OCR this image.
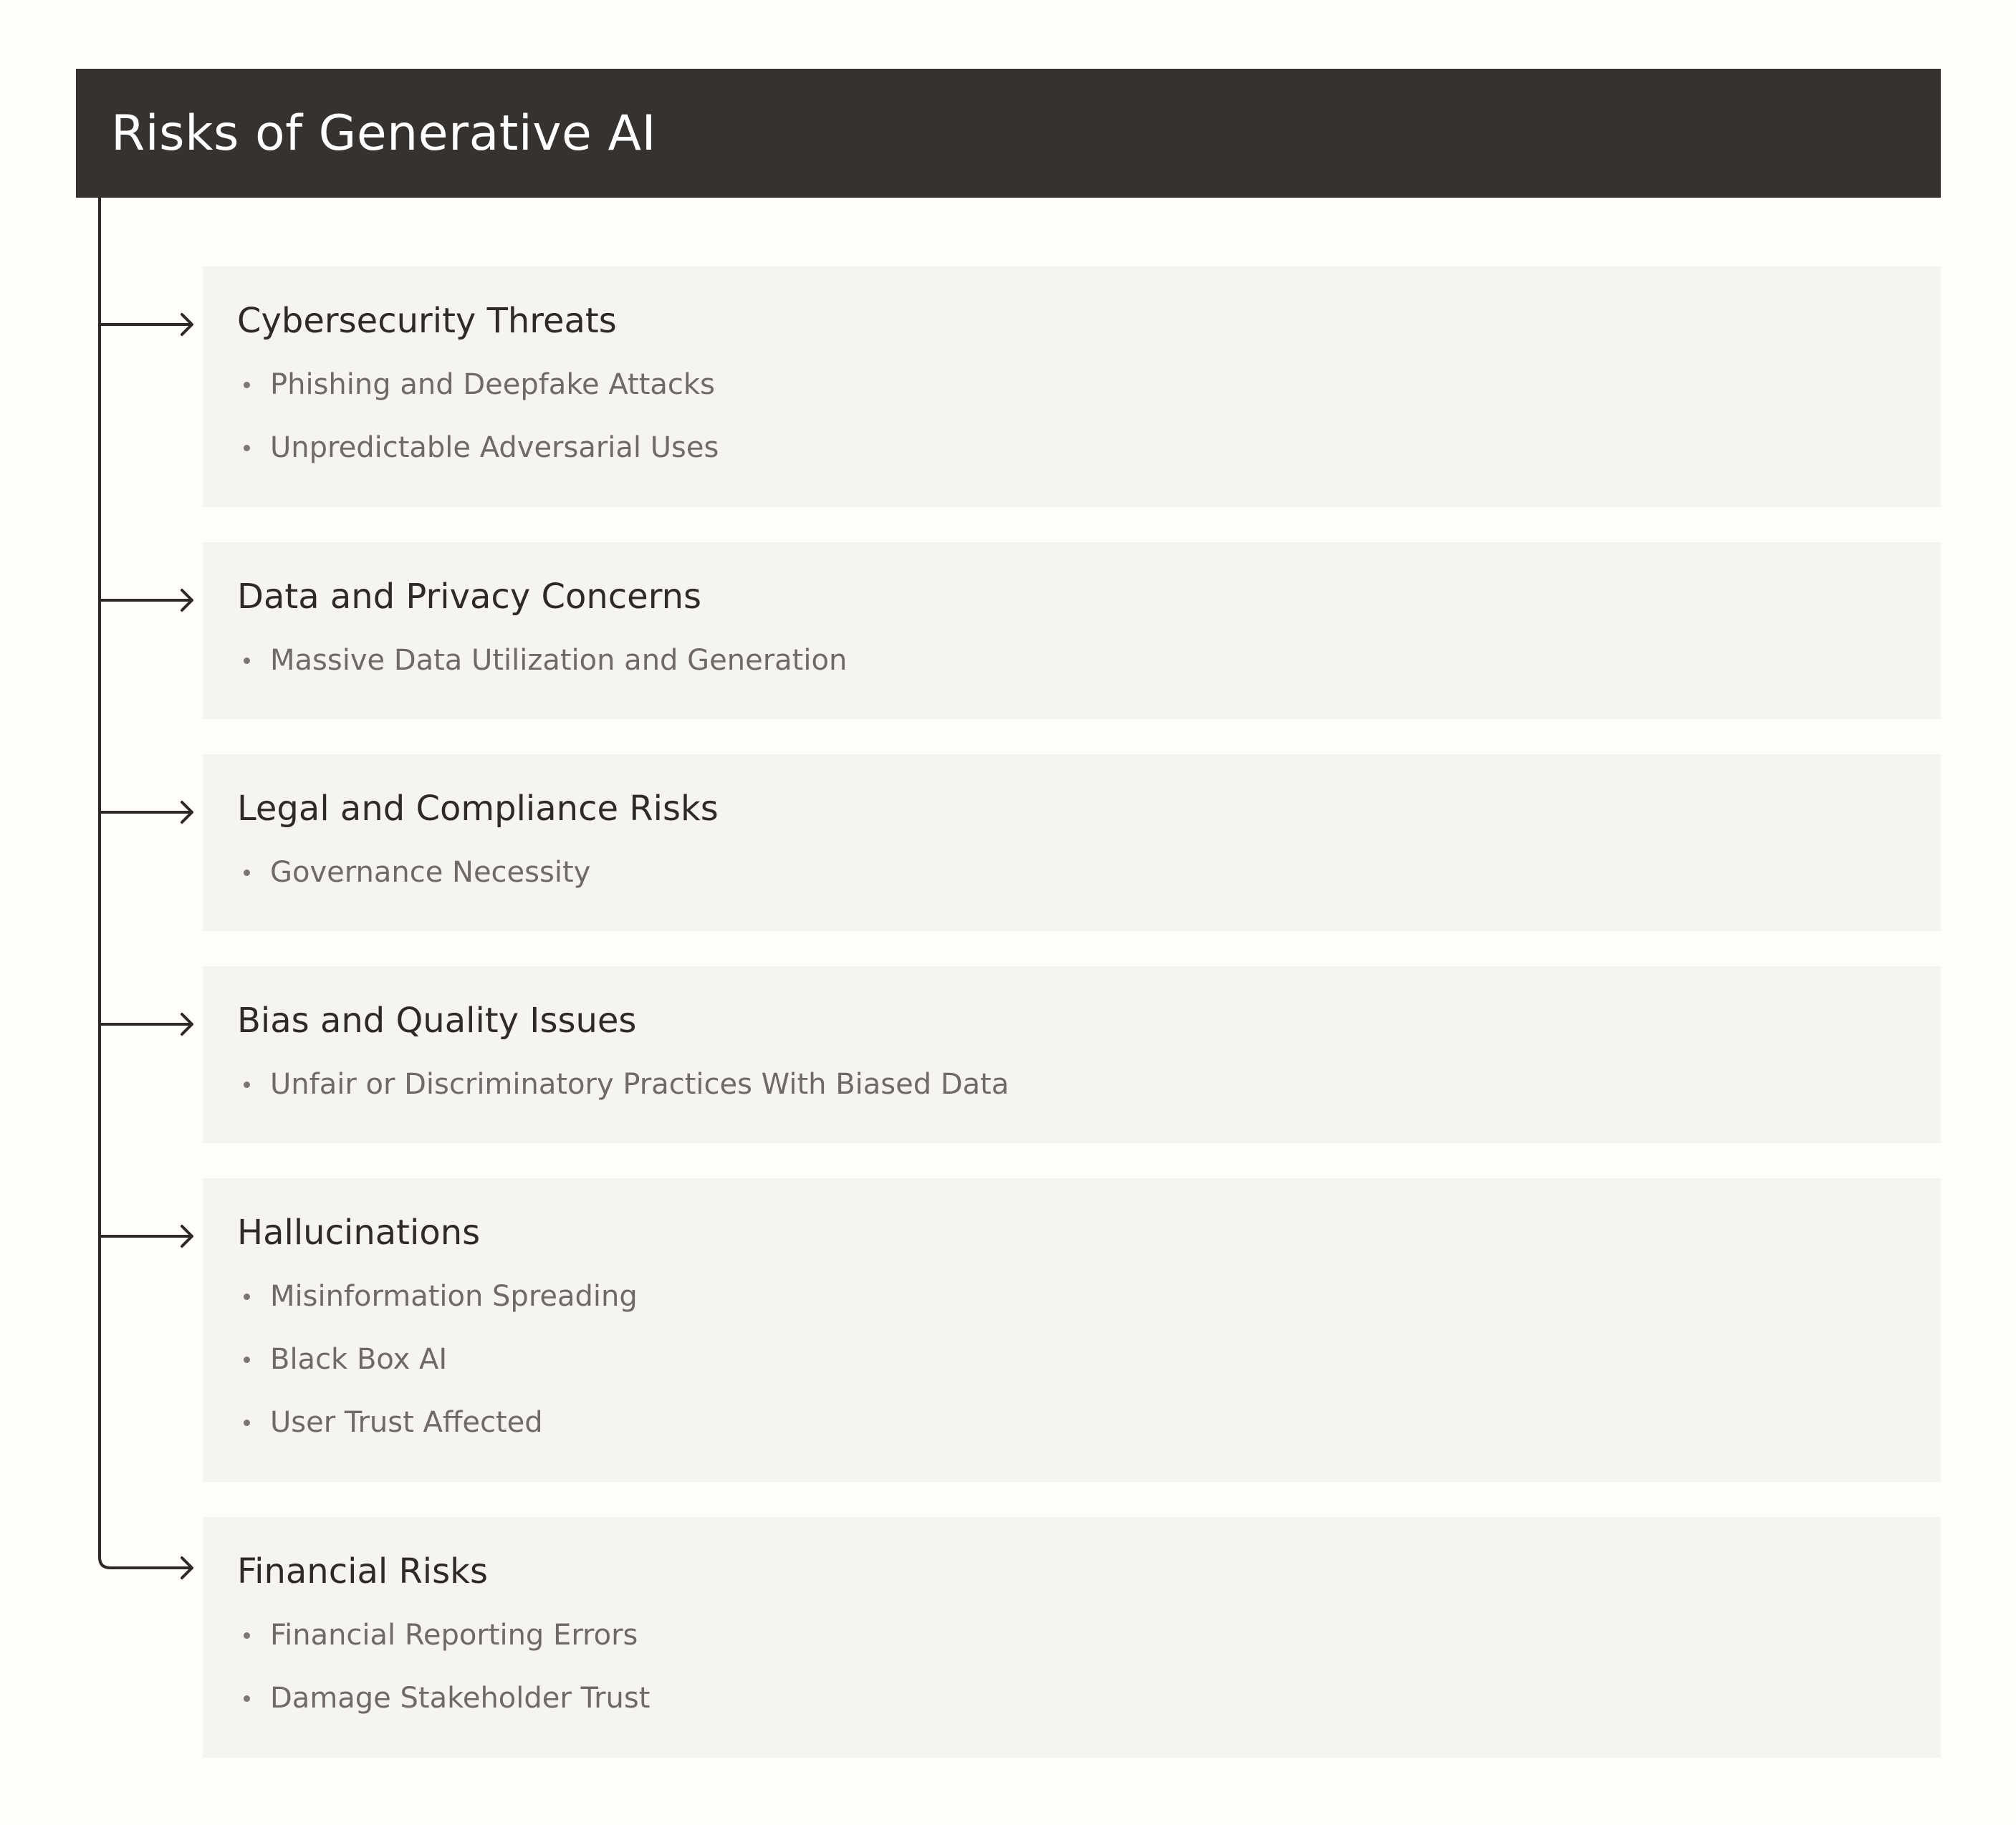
Risks of Generative AI
Cybersecurity Threats
Phishing and Deepfake Attacks
Unpredictable Adversarial Uses
Data and Privacy Concerns
Massive Data Utilization and Generation
Legal and Compliance Risks
Governance Necessity
Bias and Quality Issues
Unfair or Discriminatory Practices With Biased Data
Hallucinations
Misinformation Spreading
Black Box AI
User Trust Affected
Financial Risks
Financial Reporting Errors
Damage Stakeholder Trust
